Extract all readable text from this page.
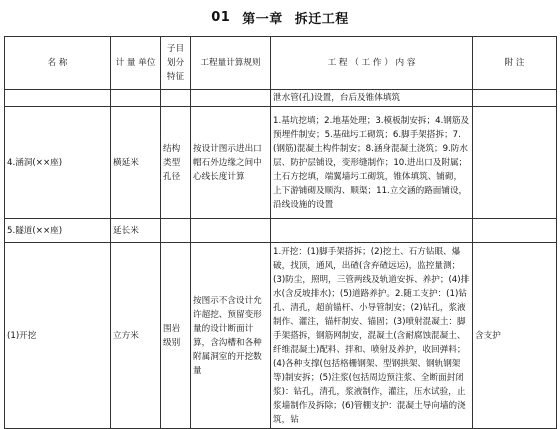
01 第一章 拆迁工程
名 称	计 量 单位	子目划分特征	工程量计算规则	工 程 （ 工 作 ） 内 容	附 注
				泄水管(孔)设置，台后及锥体填筑	
4.涵洞(××座)	横延米	结构类型孔径	按设计图示进出口帽石外边缘之间中心线长度计算	1.基坑挖填；2.地基处理；3.模板制安拆；4.钢筋及预埋件制安；5.基础圬工砌筑；6.脚手架搭拆；7.(钢筋)混凝土构件制安；8.涵身混凝土浇筑；9.防水层、防护层铺设，变形缝制作；10.进出口及附属；土石方挖填，端翼墙圬工砌筑，锥体填筑、铺砌，上下游铺砌及顺沟、顺渠；11.立交涵的路面铺设，沿线设施的设置	
5.隧道(××座)	延长米				
(1)开挖	立方米	围岩级别	按图示不含设计允许超挖、预留变形量的设计断面计算，含沟槽和各种附属洞室的开挖数量	1.开挖：(1)脚手架搭拆；(2)挖土、石方钻眼、爆破，找顶，通风，出碴(含弃碴远运)，监控量测；(3)防尘，照明，三管两线及轨道安拆、养护；(4)排水(含反坡排水)；(5)道路养护。2.随工支护：(1)钻孔、清孔，超前锚杆、小导管制安；(2)钻孔，浆液制作、灌注，锚杆制安、锚固；(3)喷射混凝土：脚手架搭拆，钢筋网制安，混凝土(含耐腐蚀混凝土、纤维混凝土)配料、拌和、喷射及养护，收回弹料；(4)各种支撑(包括格栅钢架、型钢拱架、钢轨钢架等)制安拆；(5)注浆(包括周边预注浆、全断面封闭浆)：钻孔，清孔，浆液制作，灌注，压水试验，止浆墙制作及拆除；(6)管棚支护：混凝土导向墙的浇筑，钻	含支护
